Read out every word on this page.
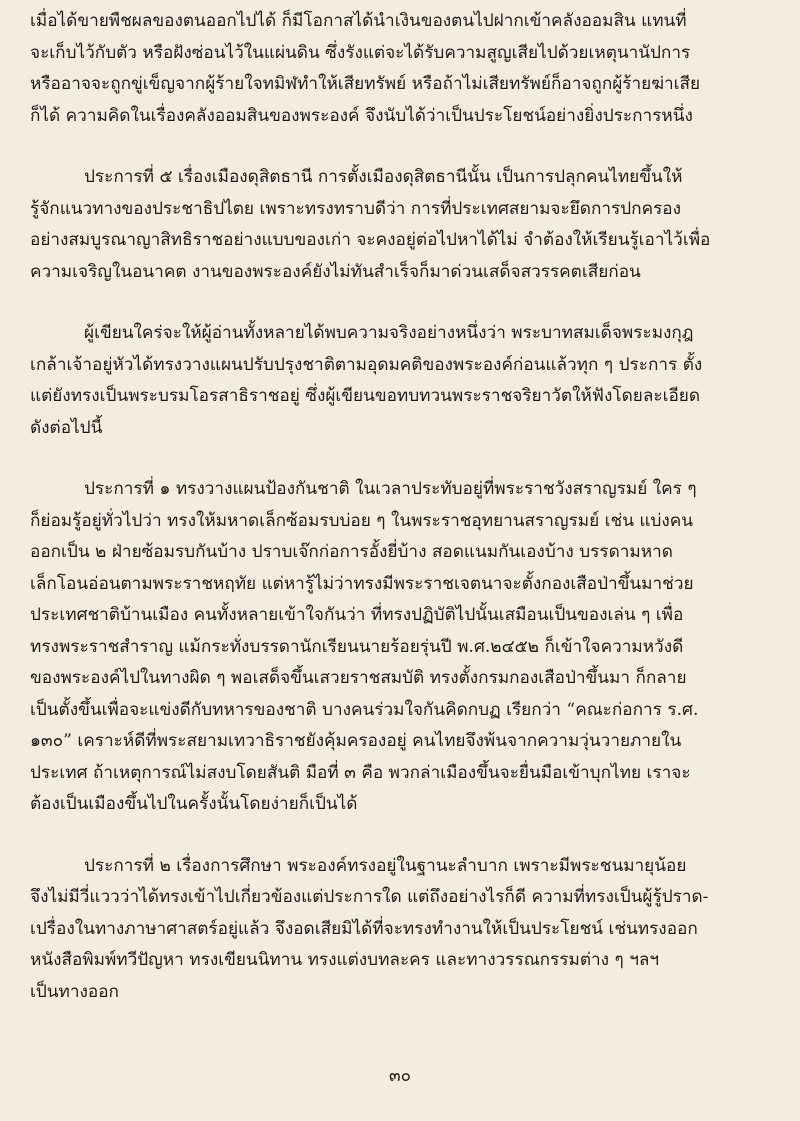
เมื่อได้ขายพืชผลของตนออกไปได้ ก็มีโอกาสได้นำเงินของตนไปฝากเข้าคลังออมสิน แทนที่
จะเก็บไว้กับตัว หรือฝังซ่อนไว้ในแผ่นดิน ซึ่งรังแต่จะได้รับความสูญเสียไปด้วยเหตุนานัปการ
หรืออาจจะถูกขู่เข็ญจากผู้ร้ายใจทมิฬทำให้เสียทรัพย์ หรือถ้าไม่เสียทรัพย์ก็อาจถูกผู้ร้ายฆ่าเสีย
ก็ได้ ความคิดในเรื่องคลังออมสินของพระองค์ จึงนับได้ว่าเป็นประโยชน์อย่างยิ่งประการหนึ่ง

ประการที่ ๕ เรื่องเมืองดุสิตธานี การตั้งเมืองดุสิตธานีนั้น เป็นการปลุกคนไทยขึ้นให้
รู้จักแนวทางของประชาธิปไตย เพราะทรงทราบดีว่า การที่ประเทศสยามจะยึดการปกครอง
อย่างสมบูรณาญาสิทธิราชอย่างแบบของเก่า จะคงอยู่ต่อไปหาได้ไม่ จำต้องให้เรียนรู้เอาไว้เพื่อ
ความเจริญในอนาคต งานของพระองค์ยังไม่ทันสำเร็จก็มาด่วนเสด็จสวรรคตเสียก่อน

ผู้เขียนใคร่จะให้ผู้อ่านทั้งหลายได้พบความจริงอย่างหนึ่งว่า พระบาทสมเด็จพระมงกุฎ
เกล้าเจ้าอยู่หัวได้ทรงวางแผนปรับปรุงชาติตามอุดมคติของพระองค์ก่อนแล้วทุก ๆ ประการ ตั้ง
แต่ยังทรงเป็นพระบรมโอรสาธิราชอยู่ ซึ่งผู้เขียนขอทบทวนพระราชจริยาวัตให้ฟังโดยละเอียด
ดังต่อไปนี้

ประการที่ ๑ ทรงวางแผนป้องกันชาติ ในเวลาประทับอยู่ที่พระราชวังสราญรมย์ ใคร ๆ
ก็ย่อมรู้อยู่ทั่วไปว่า ทรงให้มหาดเล็กซ้อมรบบ่อย ๆ ในพระราชอุทยานสราญรมย์ เช่น แบ่งคน
ออกเป็น ๒ ฝ่ายซ้อมรบกันบ้าง ปราบเจ๊กก่อการอั้งยี่บ้าง สอดแนมกันเองบ้าง บรรดามหาด
เล็กโอนอ่อนตามพระราชหฤทัย แต่หารู้ไม่ว่าทรงมีพระราชเจตนาจะตั้งกองเสือป่าขึ้นมาช่วย
ประเทศชาติบ้านเมือง คนทั้งหลายเข้าใจกันว่า ที่ทรงปฏิบัติไปนั้นเสมือนเป็นของเล่น ๆ เพื่อ
ทรงพระราชสำราญ แม้กระทั่งบรรดานักเรียนนายร้อยรุ่นปี พ.ศ.๒๔๕๒ ก็เข้าใจความหวังดี
ของพระองค์ไปในทางผิด ๆ พอเสด็จขึ้นเสวยราชสมบัติ ทรงตั้งกรมกองเสือป่าขึ้นมา ก็กลาย
เป็นตั้งขึ้นเพื่อจะแข่งดีกับทหารของชาติ บางคนร่วมใจกันคิดกบฏ เรียกว่า “คณะก่อการ ร.ศ.
๑๓๐” เคราะห์ดีที่พระสยามเทวาธิราชยังคุ้มครองอยู่ คนไทยจึงพ้นจากความวุ่นวายภายใน
ประเทศ ถ้าเหตุการณ์ไม่สงบโดยสันติ มือที่ ๓ คือ พวกล่าเมืองขึ้นจะยื่นมือเข้าบุกไทย เราจะ
ต้องเป็นเมืองขึ้นไปในครั้งนั้นโดยง่ายก็เป็นได้

ประการที่ ๒ เรื่องการศึกษา พระองค์ทรงอยู่ในฐานะลำบาก เพราะมีพระชนมายุน้อย
จึงไม่มีวี่แววว่าได้ทรงเข้าไปเกี่ยวข้องแต่ประการใด แต่ถึงอย่างไรก็ดี ความที่ทรงเป็นผู้รู้ปราด-
เปรื่องในทางภาษาศาสตร์อยู่แล้ว จึงอดเสียมิได้ที่จะทรงทำงานให้เป็นประโยชน์ เช่นทรงออก
หนังสือพิมพ์ทวีปัญหา ทรงเขียนนิทาน ทรงแต่งบทละคร และทางวรรณกรรมต่าง ๆ ฯลฯ
เป็นทางออก

๓๐
